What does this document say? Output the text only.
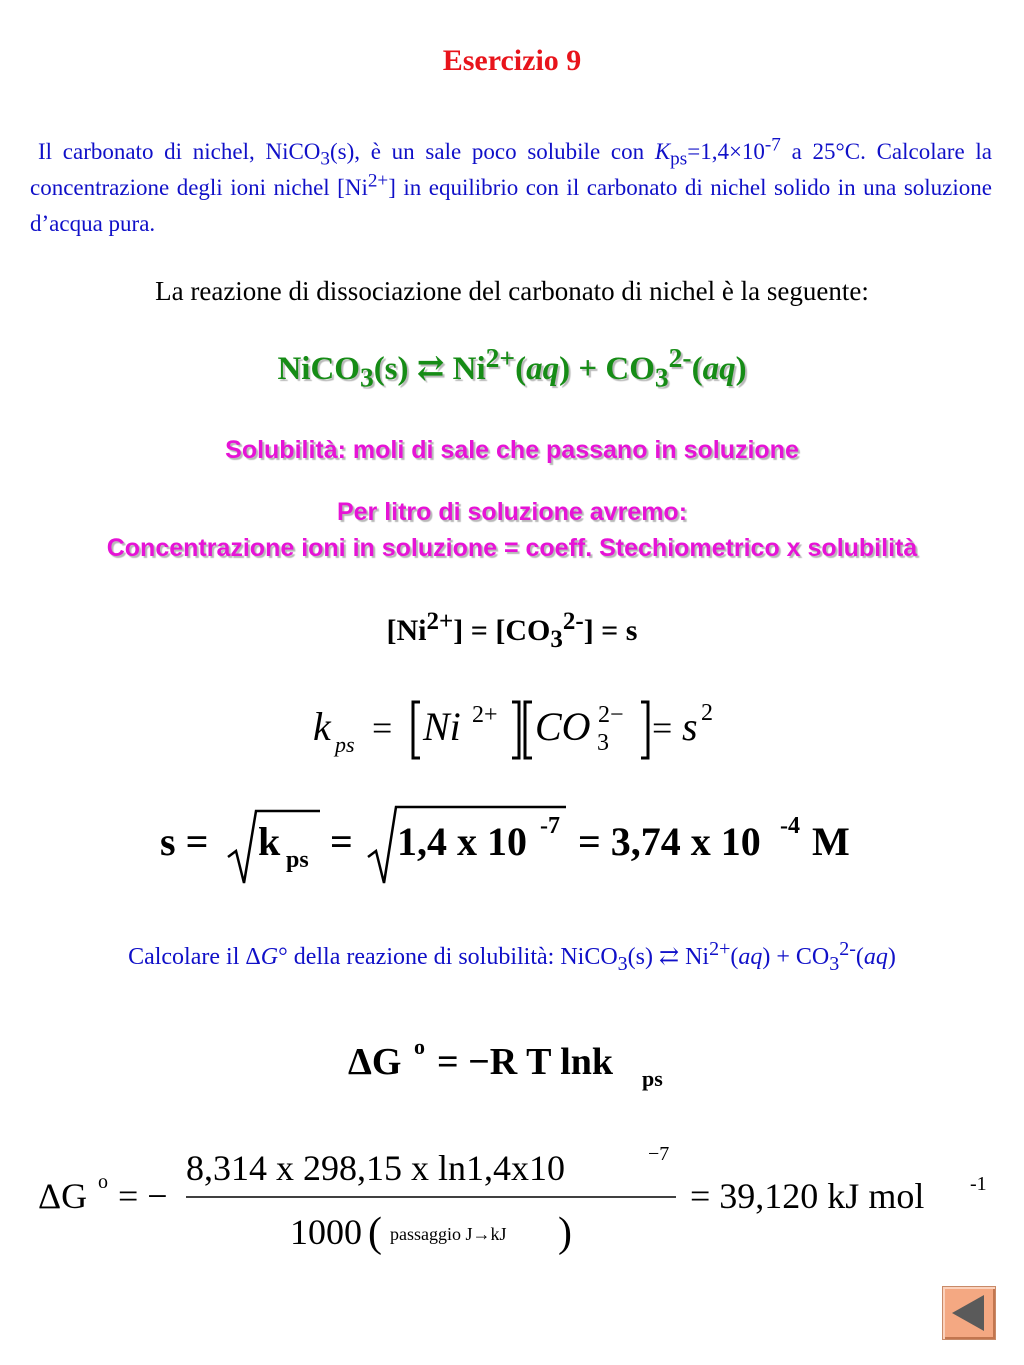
Esercizio 9
Il carbonato di nichel, NiCO$_3$(s), è un sale poco solubile con $K_{ps}=1,4\times 10^{-7}$ a 25°C. Calcolare la concentrazione degli ioni nichel $[Ni^{2+}]$ in equilibrio con il carbonato di nichel solido in una soluzione d’acqua pura.
La reazione di dissociazione del carbonato di nichel è la seguente:
NiCO$_3$(s) ⇄ $Ni^{2+}(aq) + CO_3^{2-}(aq)$
Solubilità: moli di sale che passano in soluzione
Per litro di soluzione avremo:
Concentrazione ioni in soluzione = coeff. Stechiometrico x solubilità
$[Ni^{2+}] = [CO_3^{2-}] = s$
k ps = Ni 2+ CO 2−
3 = s 2
s = k ps = 1,4 x 10 -7 = 3,74 x 10 -4 M
Calcolare il ΔG° della reazione di solubilità: NiCO$_3$(s) ⇄ $Ni^{2+}(aq) + CO_3^{2-}(aq)$
ΔG o = −R T lnk ps
ΔG o = −
8,314 x 298,15 x ln1,4x10	−7
1000 ( passaggio J→kJ )
= 39,120 kJ mol -1
